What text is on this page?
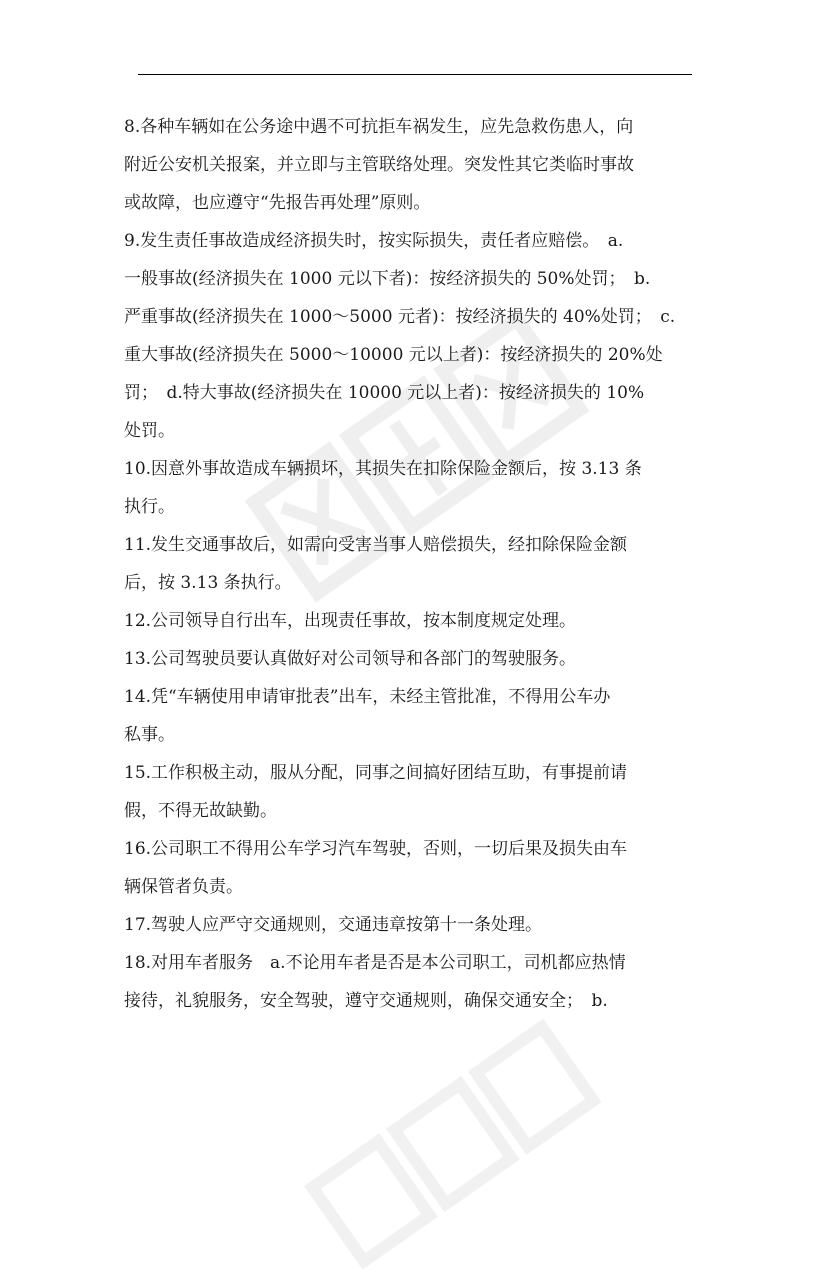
8.各种车辆如在公务途中遇不可抗拒车祸发生，应先急救伤患人，向
附近公安机关报案，并立即与主管联络处理。突发性其它类临时事故
或故障，也应遵守“先报告再处理”原则。
9.发生责任事故造成经济损失时，按实际损失，责任者应赔偿。　a.
一般事故(经济损失在 1000 元以下者)：按经济损失的 50%处罚；　b.
严重事故(经济损失在 1000～5000 元者)：按经济损失的 40%处罚；　c.
重大事故(经济损失在 5000～10000 元以上者)：按经济损失的 20%处
罚；　d.特大事故(经济损失在 10000 元以上者)：按经济损失的 10%
处罚。
10.因意外事故造成车辆损坏，其损失在扣除保险金额后，按 3.13 条
执行。
11.发生交通事故后，如需向受害当事人赔偿损失，经扣除保险金额
后，按 3.13 条执行。
12.公司领导自行出车，出现责任事故，按本制度规定处理。
13.公司驾驶员要认真做好对公司领导和各部门的驾驶服务。
14.凭“车辆使用申请审批表”出车，未经主管批准，不得用公车办
私事。
15.工作积极主动，服从分配，同事之间搞好团结互助，有事提前请
假，不得无故缺勤。
16.公司职工不得用公车学习汽车驾驶，否则，一切后果及损失由车
辆保管者负责。
17.驾驶人应严守交通规则，交通违章按第十一条处理。
18.对用车者服务　a.不论用车者是否是本公司职工，司机都应热情
接待，礼貌服务，安全驾驶，遵守交通规则，确保交通安全；　b.
